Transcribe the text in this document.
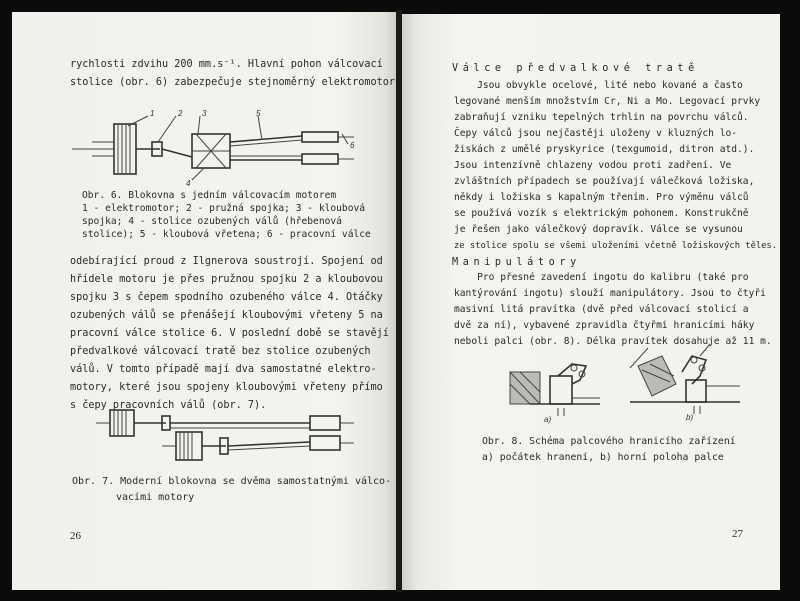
rychlosti zdvihu 200 mm.s⁻¹. Hlavní pohon válcovací
stolice (obr. 6) zabezpečuje stejnoměrný elektromotor
1	2 3
4
5
6
Obr. 6. Blokovna s jedním válcovacím motorem
1 - elektromotor; 2 - pružná spojka; 3 - kloubová
spojka; 4 - stolice ozubených válů (hřebenová
stolice); 5 - kloubová vřetena; 6 - pracovní válce
odebírající proud z Ilgnerova soustrojí. Spojení od
hřídele motoru je přes pružnou spojku 2 a kloubovou
spojku 3 s čepem spodního ozubeného válce 4. Otáčky
ozubených válů se přenášejí kloubovými vřeteny 5 na
pracovní válce stolice 6. V poslední době se stavějí
předvalkové válcovací tratě bez stolice ozubených
válů. V tomto případě mají dva samostatné elektro-
motory, které jsou spojeny kloubovými vřeteny přímo
s čepy pracovních válů (obr. 7).
Obr. 7. Moderní blokovna se dvěma samostatnými válco-
vacími motory
26
Válce předvalkové tratě
Jsou obvykle ocelové, lité nebo kované a často
legované menším množstvím Cr, Ni a Mo. Legovací prvky
zabraňují vzniku tepelných trhlin na povrchu válců.
Čepy válců jsou nejčastěji uloženy v kluzných lo-
žiskách z umělé pryskyrice (texgumoid, ditron atd.).
Jsou intenzívně chlazeny vodou proti zadření. Ve
zvláštních případech se používají válečková ložiska,
někdy i ložiska s kapalným třením. Pro výměnu válců
se používá vozík s elektrickým pohonem. Konstrukčně
je řešen jako válečkový dopravík. Válce se vysunou
ze stolice spolu se všemi uloženími včetně ložiskových těles.
Manipulátory
Pro přesné zavedení ingotu do kalibru (také pro
kantýrování ingotu) slouží manipulátory. Jsou to čtyři
masivní litá pravítka (dvě před válcovací stolicí a
dvě za ní), vybavené zpravidla čtyřmi hranicími háky
neboli palci (obr. 8). Délka pravítek dosahuje až 11 m.
a)	b)
Obr. 8. Schéma palcového hranicího zařízení
a) počátek hranení, b) horní poloha palce
27
